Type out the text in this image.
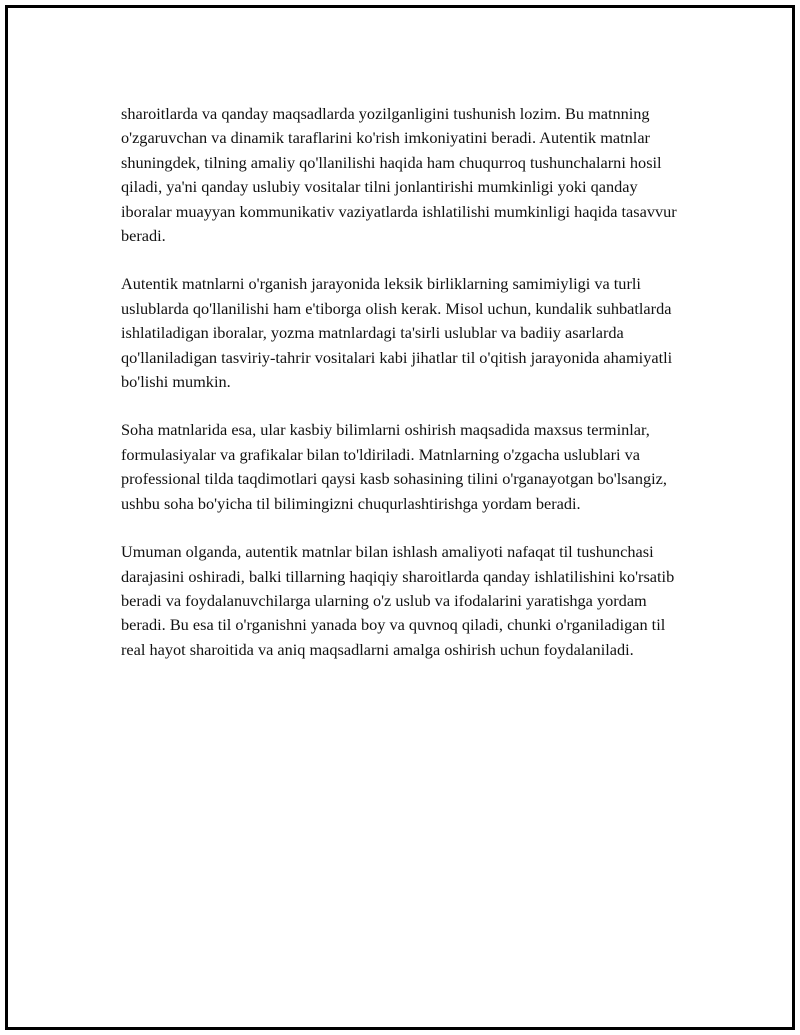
sharoitlarda va qanday maqsadlarda yozilganligini tushunish lozim. Bu matnning o'zgaruvchan va dinamik taraflarini ko'rish imkoniyatini beradi. Autentik matnlar shuningdek, tilning amaliy qo'llanilishi haqida ham chuqurroq tushunchalarni hosil qiladi, ya'ni qanday uslubiy vositalar tilni jonlantirishi mumkinligi yoki qanday iboralar muayyan kommunikativ vaziyatlarda ishlatilishi mumkinligi haqida tasavvur beradi.

Autentik matnlarni o'rganish jarayonida leksik birliklarning samimiyligi va turli uslublarda qo'llanilishi ham e'tiborga olish kerak. Misol uchun, kundalik suhbatlarda ishlatiladigan iboralar, yozma matnlardagi ta'sirli uslublar va badiiy asarlarda qo'llaniladigan tasviriy-tahrir vositalari kabi jihatlar til o'qitish jarayonida ahamiyatli bo'lishi mumkin.

Soha matnlarida esa, ular kasbiy bilimlarni oshirish maqsadida maxsus terminlar, formulasiyalar va grafikalar bilan to'ldiriladi. Matnlarning o'zgacha uslublari va professional tilda taqdimotlari qaysi kasb sohasining tilini o'rganayotgan bo'lsangiz, ushbu soha bo'yicha til bilimingizni chuqurlashtirishga yordam beradi.

Umuman olganda, autentik matnlar bilan ishlash amaliyoti nafaqat til tushunchasi darajasini oshiradi, balki tillarning haqiqiy sharoitlarda qanday ishlatilishini ko'rsatib beradi va foydalanuvchilarga ularning o'z uslub va ifodalarini yaratishga yordam beradi. Bu esa til o'rganishni yanada boy va quvnoq qiladi, chunki o'rganiladigan til real hayot sharoitida va aniq maqsadlarni amalga oshirish uchun foydalaniladi.
